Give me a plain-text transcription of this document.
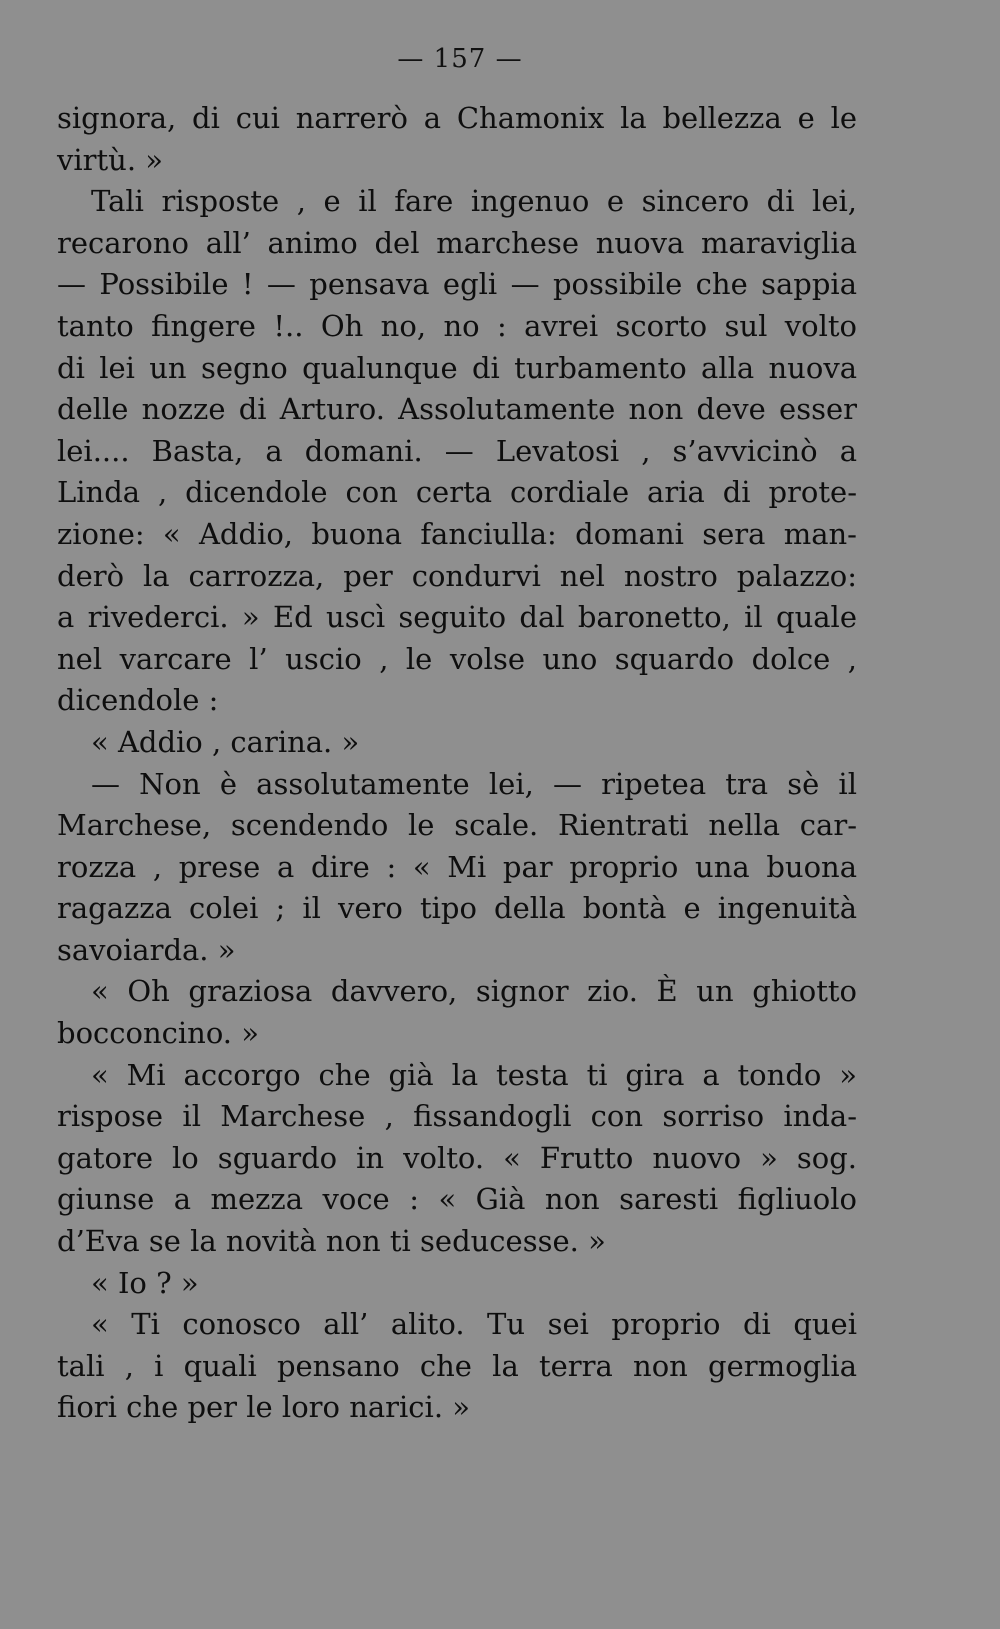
— 157 —
signora, di cui narrerò a Chamonix la bellezza e le
virtù. »
Tali risposte , e il fare ingenuo e sincero di lei,
recarono all’ animo del marchese nuova maraviglia
— Possibile ! — pensava egli — possibile che sappia
tanto fingere !.. Oh no, no : avrei scorto sul volto
di lei un segno qualunque di turbamento alla nuova
delle nozze di Arturo. Assolutamente non deve esser
lei.... Basta, a domani. — Levatosi , s’avvicinò a
Linda , dicendole con certa cordiale aria di prote-
zione: « Addio, buona fanciulla: domani sera man-
derò la carrozza, per condurvi nel nostro palazzo:
a rivederci. » Ed uscì seguito dal baronetto, il quale
nel varcare l’ uscio , le volse uno squardo dolce ,
dicendole :
« Addio , carina. »
— Non è assolutamente lei, — ripetea tra sè il
Marchese, scendendo le scale. Rientrati nella car-
rozza , prese a dire : « Mi par proprio una buona
ragazza colei ; il vero tipo della bontà e ingenuità
savoiarda. »
« Oh graziosa davvero, signor zio. È un ghiotto
bocconcino. »
« Mi accorgo che già la testa ti gira a tondo »
rispose il Marchese , fissandogli con sorriso inda-
gatore lo sguardo in volto. « Frutto nuovo » sog.
giunse a mezza voce : « Già non saresti figliuolo
d’Eva se la novità non ti seducesse. »
« Io ? »
« Ti conosco all’ alito. Tu sei proprio di quei
tali , i quali pensano che la terra non germoglia
fiori che per le loro narici. »
